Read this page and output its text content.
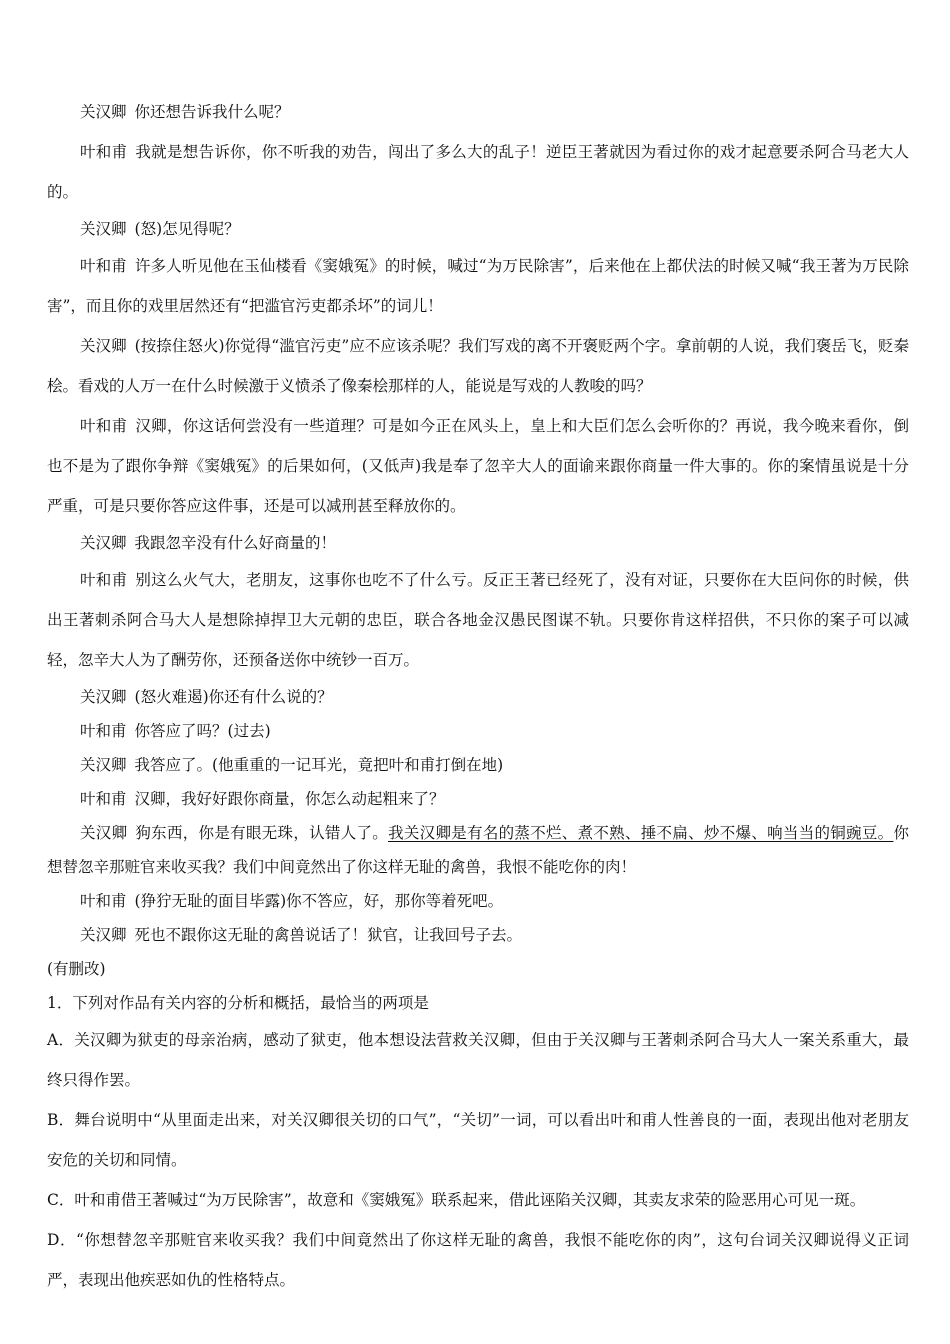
关汉卿 你还想告诉我什么呢？

叶和甫 我就是想告诉你，你不听我的劝告，闯出了多么大的乱子！逆臣王著就因为看过你的戏才起意要杀阿合马老大人的。

关汉卿 (怒)怎见得呢？

叶和甫 许多人听见他在玉仙楼看《窦娥冤》的时候，喊过“为万民除害”，后来他在上都伏法的时候又喊“我王著为万民除害”，而且你的戏里居然还有“把滥官污吏都杀坏”的词儿！

关汉卿 (按捺住怒火)你觉得“滥官污吏”应不应该杀呢？我们写戏的离不开褒贬两个字。拿前朝的人说，我们褒岳飞，贬秦桧。看戏的人万一在什么时候激于义愤杀了像秦桧那样的人，能说是写戏的人教唆的吗？

叶和甫 汉卿，你这话何尝没有一些道理？可是如今正在风头上，皇上和大臣们怎么会听你的？再说，我今晚来看你，倒也不是为了跟你争辩《窦娥冤》的后果如何，(又低声)我是奉了忽辛大人的面谕来跟你商量一件大事的。你的案情虽说是十分严重，可是只要你答应这件事，还是可以减刑甚至释放你的。

关汉卿 我跟忽辛没有什么好商量的！

叶和甫 别这么火气大，老朋友，这事你也吃不了什么亏。反正王著已经死了，没有对证，只要你在大臣问你的时候，供出王著刺杀阿合马大人是想除掉捍卫大元朝的忠臣，联合各地金汉愚民图谋不轨。只要你肯这样招供，不只你的案子可以减轻，忽辛大人为了酬劳你，还预备送你中统钞一百万。

关汉卿 (怒火难遏)你还有什么说的？

叶和甫 你答应了吗？(过去)

关汉卿 我答应了。(他重重的一记耳光，竟把叶和甫打倒在地)

叶和甫 汉卿，我好好跟你商量，你怎么动起粗来了？

关汉卿 狗东西，你是有眼无珠，认错人了。我关汉卿是有名的蒸不烂、煮不熟、捶不扁、炒不爆、响当当的铜豌豆。你想替忽辛那赃官来收买我？我们中间竟然出了你这样无耻的禽兽，我恨不能吃你的肉！

叶和甫 (狰狞无耻的面目毕露)你不答应，好，那你等着死吧。

关汉卿 死也不跟你这无耻的禽兽说话了！狱官，让我回号子去。

(有删改)

1．下列对作品有关内容的分析和概括，最恰当的两项是

A．关汉卿为狱吏的母亲治病，感动了狱吏，他本想设法营救关汉卿，但由于关汉卿与王著刺杀阿合马大人一案关系重大，最终只得作罢。

B．舞台说明中“从里面走出来，对关汉卿很关切的口气”，“关切”一词，可以看出叶和甫人性善良的一面，表现出他对老朋友安危的关切和同情。

C．叶和甫借王著喊过“为万民除害”，故意和《窦娥冤》联系起来，借此诬陷关汉卿，其卖友求荣的险恶用心可见一斑。

D．“你想替忽辛那赃官来收买我？我们中间竟然出了你这样无耻的禽兽，我恨不能吃你的肉”，这句台词关汉卿说得义正词严，表现出他疾恶如仇的性格特点。
